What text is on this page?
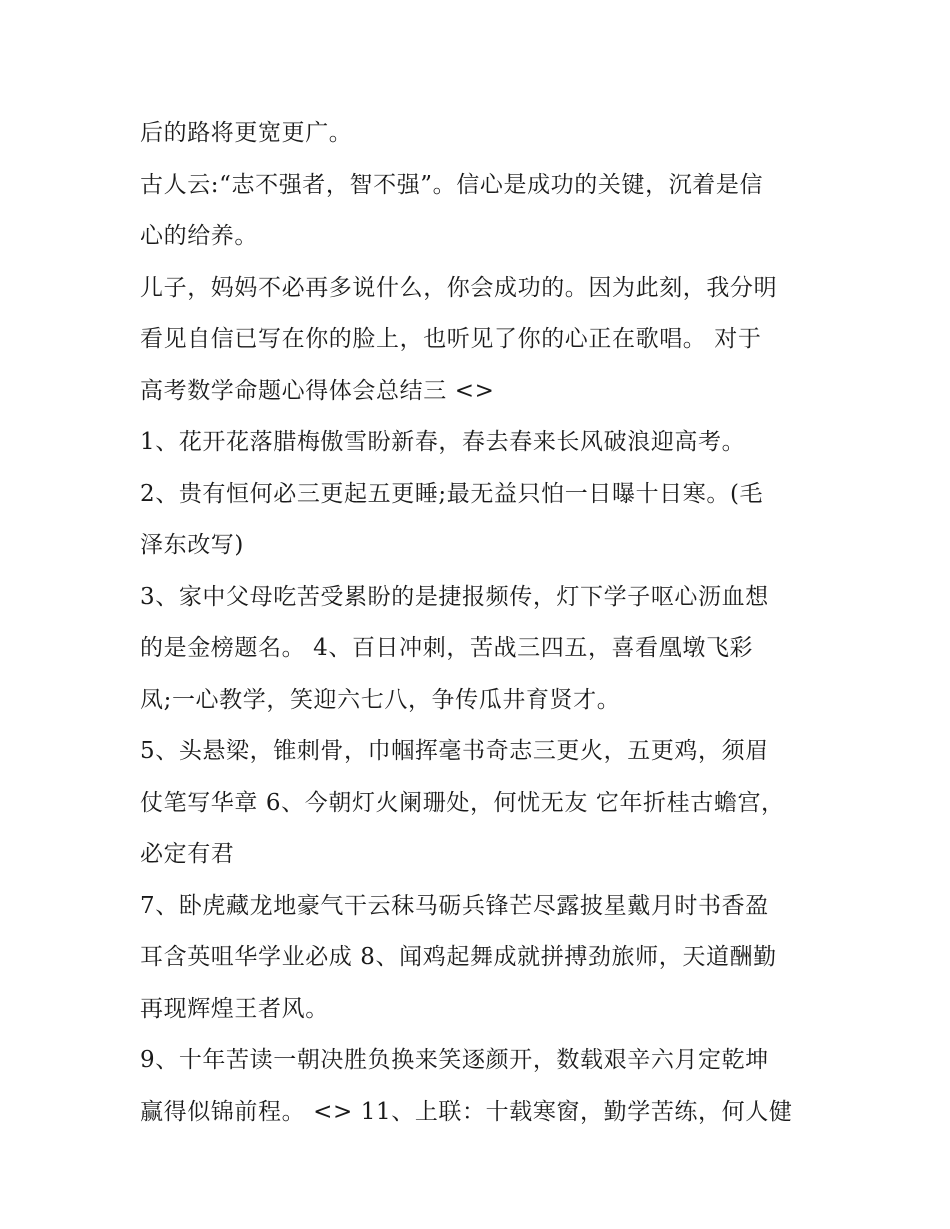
后的路将更宽更广。
古人云:“志不强者，智不强”。信心是成功的关键，沉着是信
心的给养。
儿子，妈妈不必再多说什么，你会成功的。因为此刻，我分明
看见自信已写在你的脸上，也听见了你的心正在歌唱。 对于
高考数学命题心得体会总结三 <>
1、花开花落腊梅傲雪盼新春，春去春来长风破浪迎高考。
2、贵有恒何必三更起五更睡;最无益只怕一日曝十日寒。(毛
泽东改写)
3、家中父母吃苦受累盼的是捷报频传，灯下学子呕心沥血想
的是金榜题名。 4、百日冲刺，苦战三四五，喜看凰墩飞彩
凤;一心教学，笑迎六七八，争传瓜井育贤才。
5、头悬梁，锥刺骨，巾帼挥毫书奇志三更火，五更鸡，须眉
仗笔写华章 6、今朝灯火阑珊处，何忧无友 它年折桂古蟾宫，
必定有君
7、卧虎藏龙地豪气干云秣马砺兵锋芒尽露披星戴月时书香盈
耳含英咀华学业必成 8、闻鸡起舞成就拼搏劲旅师，天道酬勤
再现辉煌王者风。
9、十年苦读一朝决胜负换来笑逐颜开，数载艰辛六月定乾坤
赢得似锦前程。 <> 11、上联：十载寒窗，勤学苦练，何人健
